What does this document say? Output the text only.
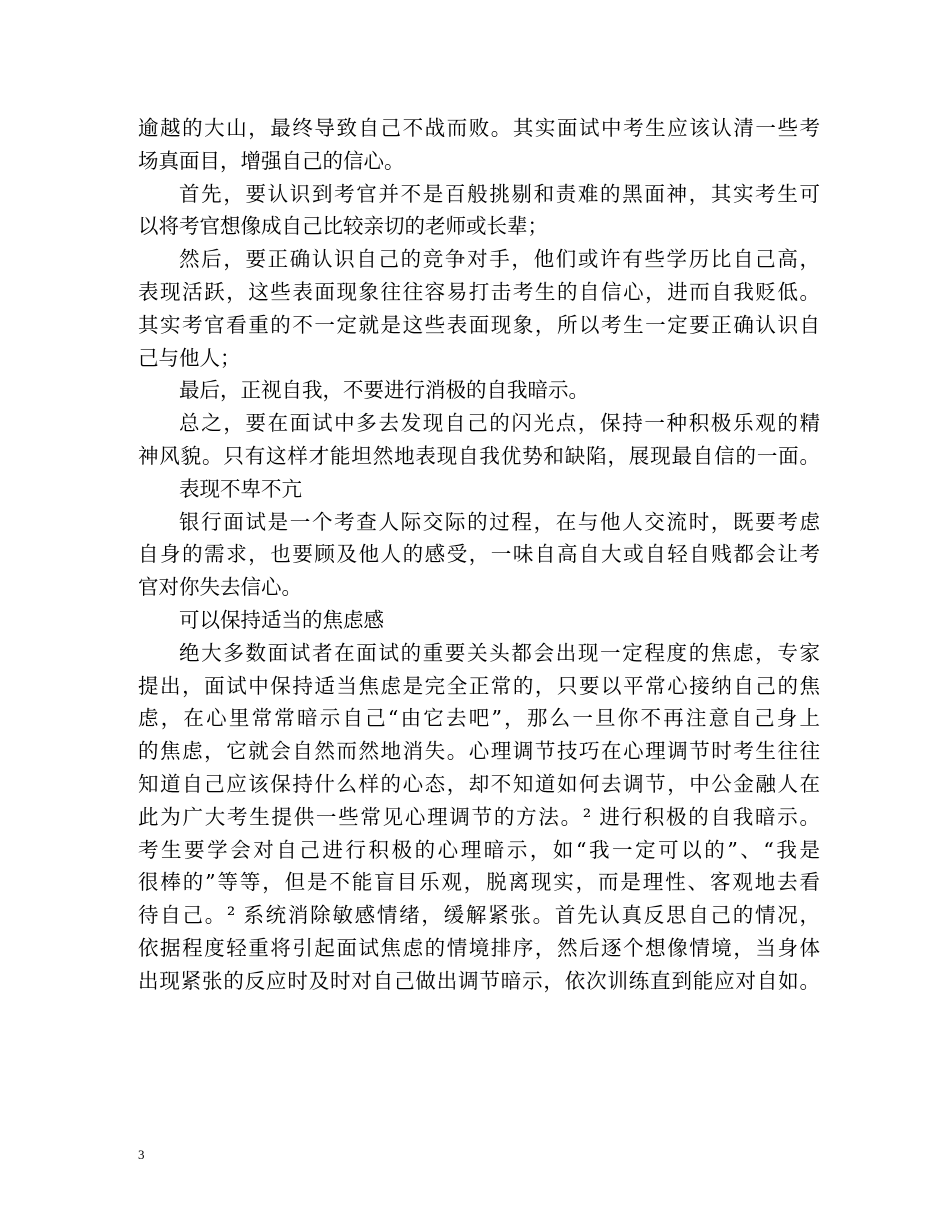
逾越的大山，最终导致自己不战而败。其实面试中考生应该认清一些考
场真面目，增强自己的信心。
首先，要认识到考官并不是百般挑剔和责难的黑面神，其实考生可
以将考官想像成自己比较亲切的老师或长辈；
然后，要正确认识自己的竞争对手，他们或许有些学历比自己高，
表现活跃，这些表面现象往往容易打击考生的自信心，进而自我贬低。
其实考官看重的不一定就是这些表面现象，所以考生一定要正确认识自
己与他人；
最后，正视自我，不要进行消极的自我暗示。
总之，要在面试中多去发现自己的闪光点，保持一种积极乐观的精
神风貌。只有这样才能坦然地表现自我优势和缺陷，展现最自信的一面。
表现不卑不亢
银行面试是一个考查人际交际的过程，在与他人交流时，既要考虑
自身的需求，也要顾及他人的感受，一味自高自大或自轻自贱都会让考
官对你失去信心。
可以保持适当的焦虑感
绝大多数面试者在面试的重要关头都会出现一定程度的焦虑，专家
提出，面试中保持适当焦虑是完全正常的，只要以平常心接纳自己的焦
虑，在心里常常暗示自己“由它去吧”，那么一旦你不再注意自己身上
的焦虑，它就会自然而然地消失。心理调节技巧在心理调节时考生往往
知道自己应该保持什么样的心态，却不知道如何去调节，中公金融人在
此为广大考生提供一些常见心理调节的方法。² 进行积极的自我暗示。
考生要学会对自己进行积极的心理暗示，如“我一定可以的”、“我是
很棒的”等等，但是不能盲目乐观，脱离现实，而是理性、客观地去看
待自己。² 系统消除敏感情绪，缓解紧张。首先认真反思自己的情况，
依据程度轻重将引起面试焦虑的情境排序，然后逐个想像情境，当身体
出现紧张的反应时及时对自己做出调节暗示，依次训练直到能应对自如。
3
